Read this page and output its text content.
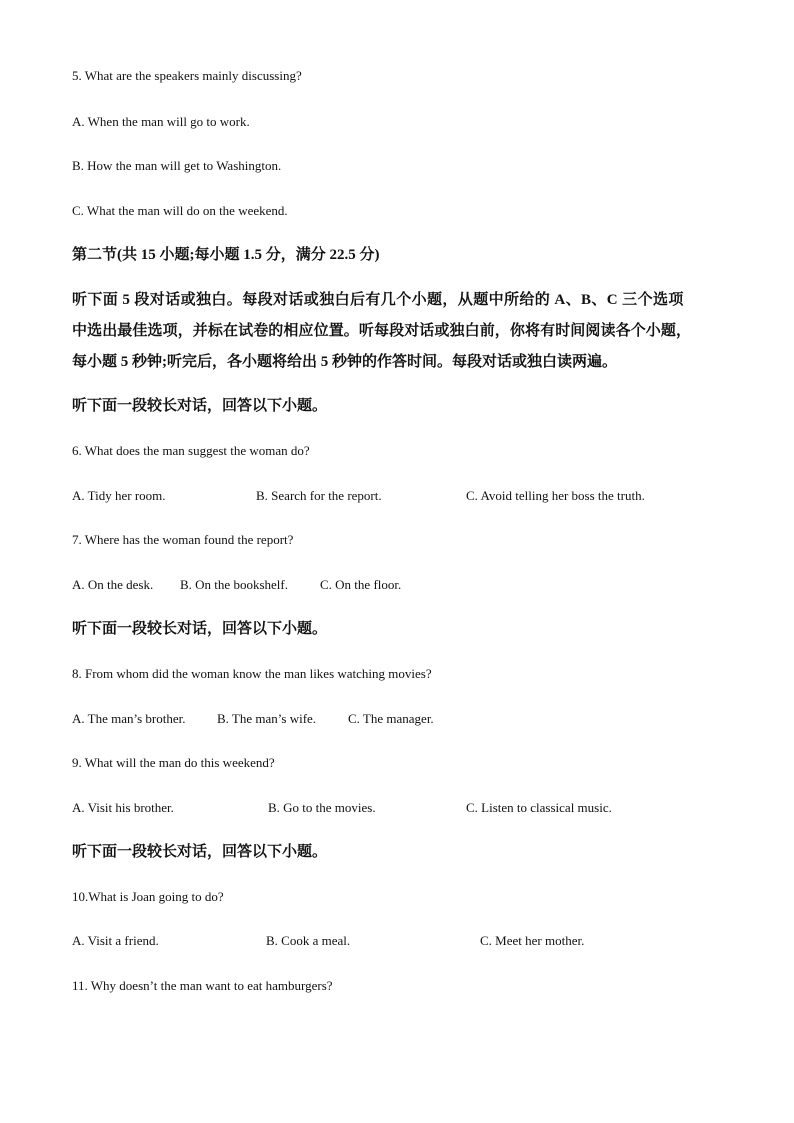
5. What are the speakers mainly discussing?
A. When the man will go to work.
B. How the man will get to Washington.
C. What the man will do on the weekend.
第二节(共 15 小题;每小题 1.5 分，满分 22.5 分)
听下面 5 段对话或独白。每段对话或独白后有几个小题，从题中所给的 A、B、C 三个选项
中选出最佳选项，并标在试卷的相应位置。听每段对话或独白前，你将有时间阅读各个小题，
每小题 5 秒钟;听完后，各小题将给出 5 秒钟的作答时间。每段对话或独白读两遍。
听下面一段较长对话，回答以下小题。
6. What does the man suggest the woman do?
A. Tidy her room.	B. Search for the report.	C. Avoid telling her boss the truth.
7. Where has the woman found the report?
A. On the desk. B. On the bookshelf. C. On the floor.
听下面一段较长对话，回答以下小题。
8. From whom did the woman know the man likes watching movies?
A. The man’s brother. B. The man’s wife. C. The manager.
9. What will the man do this weekend?
A. Visit his brother.	B. Go to the movies.	C. Listen to classical music.
听下面一段较长对话，回答以下小题。
10.What is Joan going to do?
A. Visit a friend.	B. Cook a meal.	C. Meet her mother.
11. Why doesn’t the man want to eat hamburgers?
